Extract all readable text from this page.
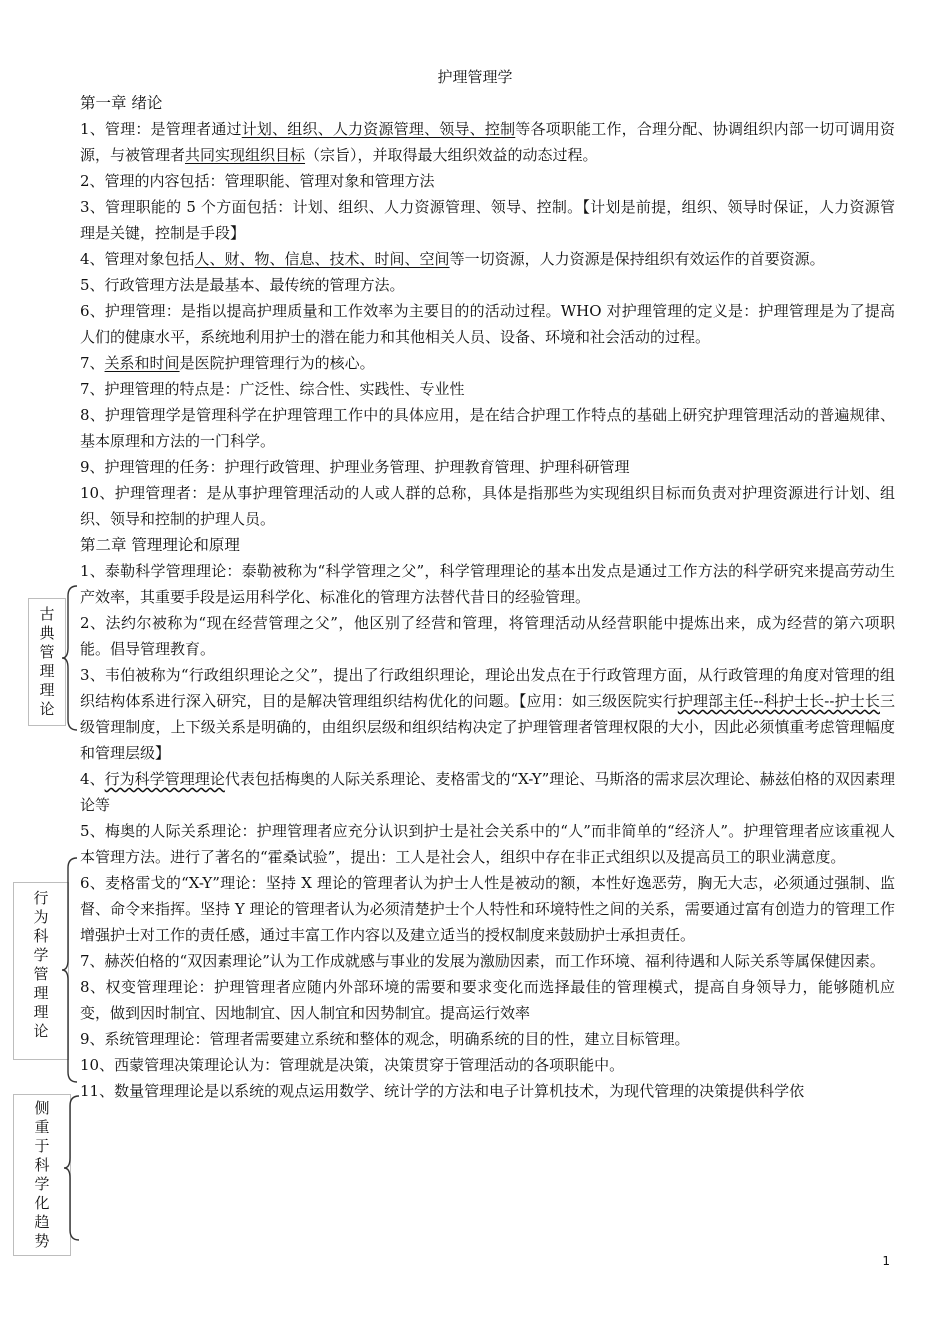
护理管理学
第一章 绪论
1、管理：是管理者通过计划、组织、人力资源管理、领导、控制等各项职能工作，合理分配、协调组织内部一切可调用资源，与被管理者共同实现组织目标（宗旨），并取得最大组织效益的动态过程。
2、管理的内容包括：管理职能、管理对象和管理方法
3、管理职能的 5 个方面包括：计划、组织、人力资源管理、领导、控制。【计划是前提，组织、领导时保证，人力资源管理是关键，控制是手段】
4、管理对象包括人、财、物、信息、技术、时间、空间等一切资源，人力资源是保持组织有效运作的首要资源。
5、行政管理方法是最基本、最传统的管理方法。
6、护理管理：是指以提高护理质量和工作效率为主要目的的活动过程。WHO 对护理管理的定义是：护理管理是为了提高人们的健康水平，系统地利用护士的潜在能力和其他相关人员、设备、环境和社会活动的过程。
7、关系和时间是医院护理管理行为的核心。
7、护理管理的特点是：广泛性、综合性、实践性、专业性
8、护理管理学是管理科学在护理管理工作中的具体应用，是在结合护理工作特点的基础上研究护理管理活动的普遍规律、基本原理和方法的一门科学。
9、护理管理的任务：护理行政管理、护理业务管理、护理教育管理、护理科研管理
10、护理管理者：是从事护理管理活动的人或人群的总称，具体是指那些为实现组织目标而负责对护理资源进行计划、组织、领导和控制的护理人员。
第二章 管理理论和原理
1、泰勒科学管理理论：泰勒被称为“科学管理之父”，科学管理理论的基本出发点是通过工作方法的科学研究来提高劳动生产效率，其重要手段是运用科学化、标准化的管理方法替代昔日的经验管理。
2、法约尔被称为“现在经营管理之父”，他区别了经营和管理，将管理活动从经营职能中提炼出来，成为经营的第六项职能。倡导管理教育。
3、韦伯被称为“行政组织理论之父”，提出了行政组织理论，理论出发点在于行政管理方面，从行政管理的角度对管理的组织结构体系进行深入研究，目的是解决管理组织结构优化的问题。【应用：如三级医院实行护理部主任--科护士长--护士长三级管理制度，上下级关系是明确的，由组织层级和组织结构决定了护理管理者管理权限的大小，因此必须慎重考虑管理幅度和管理层级】
4、行为科学管理理论代表包括梅奥的人际关系理论、麦格雷戈的“X-Y”理论、马斯洛的需求层次理论、赫兹伯格的双因素理论等
5、梅奥的人际关系理论：护理管理者应充分认识到护士是社会关系中的“人”而非简单的“经济人”。护理管理者应该重视人本管理方法。进行了著名的“霍桑试验”，提出：工人是社会人，组织中存在非正式组织以及提高员工的职业满意度。
6、麦格雷戈的“X-Y”理论：坚持 X 理论的管理者认为护士人性是被动的额，本性好逸恶劳，胸无大志，必须通过强制、监督、命令来指挥。坚持 Y 理论的管理者认为必须清楚护士个人特性和环境特性之间的关系，需要通过富有创造力的管理工作增强护士对工作的责任感，通过丰富工作内容以及建立适当的授权制度来鼓励护士承担责任。
7、赫茨伯格的“双因素理论”认为工作成就感与事业的发展为激励因素，而工作环境、福利待遇和人际关系等属保健因素。
8、权变管理理论：护理管理者应随内外部环境的需要和要求变化而选择最佳的管理模式，提高自身领导力，能够随机应变，做到因时制宜、因地制宜、因人制宜和因势制宜。提高运行效率
9、系统管理理论：管理者需要建立系统和整体的观念，明确系统的目的性，建立目标管理。
10、西蒙管理决策理论认为：管理就是决策，决策贯穿于管理活动的各项职能中。
11、数量管理理论是以系统的观点运用数学、统计学的方法和电子计算机技术，为现代管理的决策提供科学依
古
典
管
理
理
论
行
为
科
学
管
理
理
论
侧
重
于
科
学
化
趋
势
1
